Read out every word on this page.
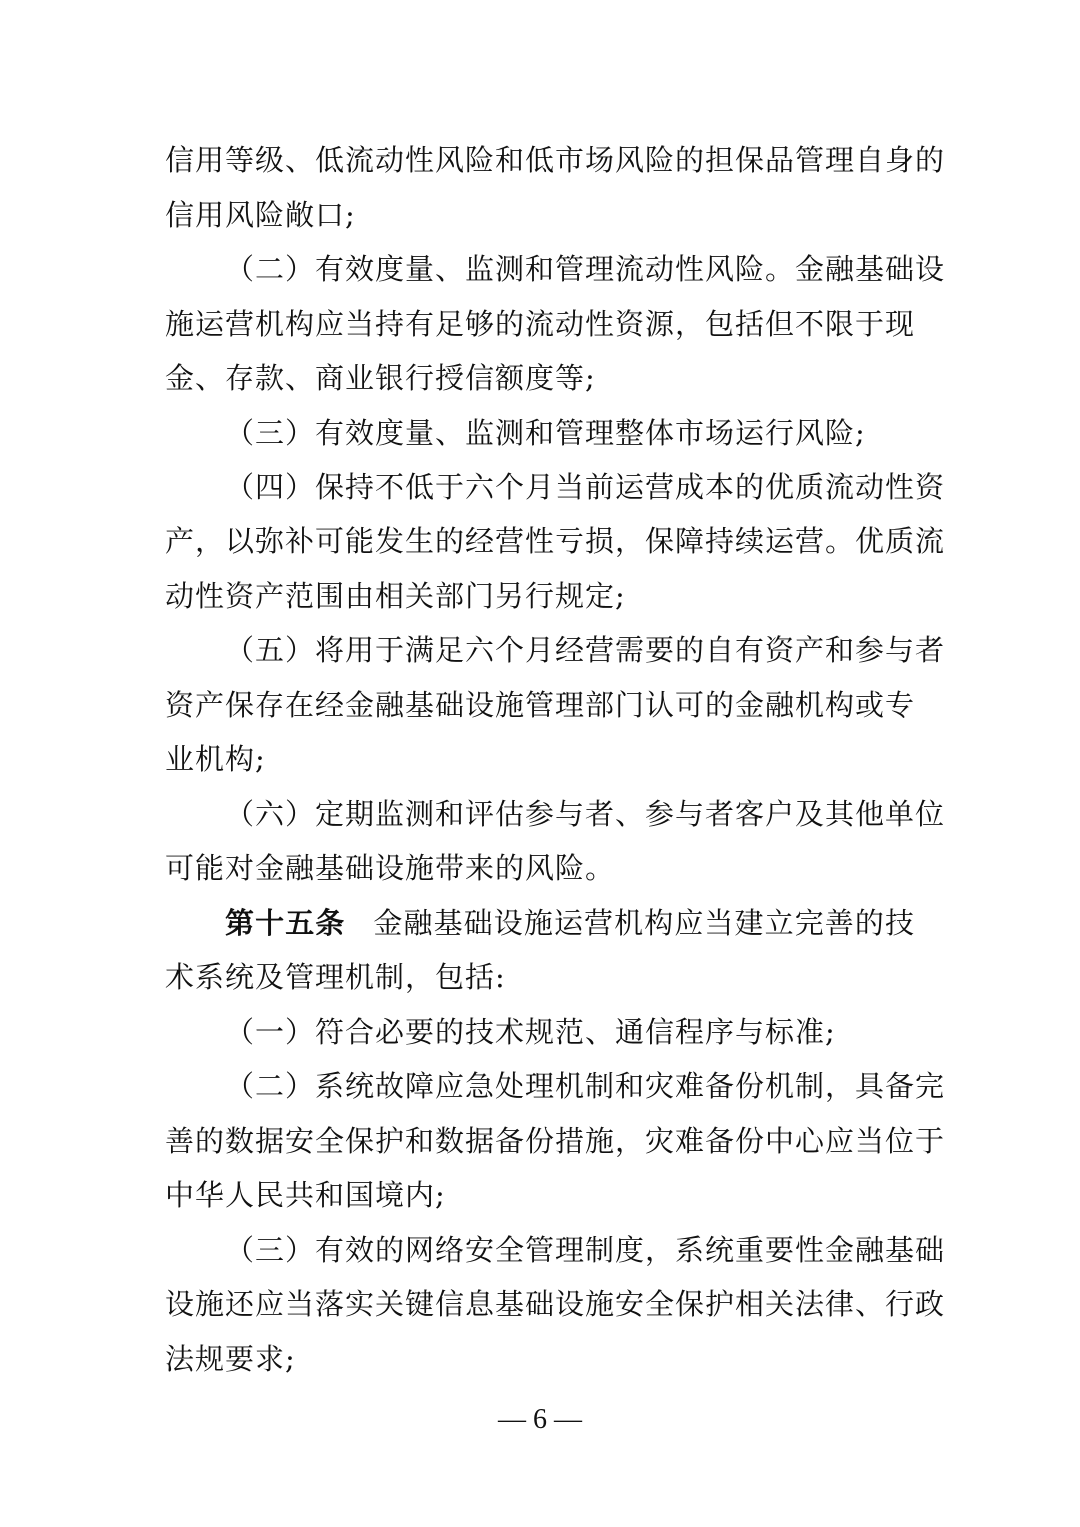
信用等级、低流动性风险和低市场风险的担保品管理自身的
信用风险敞口;
（二）有效度量、监测和管理流动性风险。金融基础设
施运营机构应当持有足够的流动性资源，包括但不限于现
金、存款、商业银行授信额度等;
（三）有效度量、监测和管理整体市场运行风险;
（四）保持不低于六个月当前运营成本的优质流动性资
产，以弥补可能发生的经营性亏损，保障持续运营。优质流
动性资产范围由相关部门另行规定;
（五）将用于满足六个月经营需要的自有资产和参与者
资产保存在经金融基础设施管理部门认可的金融机构或专
业机构;
（六）定期监测和评估参与者、参与者客户及其他单位
可能对金融基础设施带来的风险。
第十五条 金融基础设施运营机构应当建立完善的技
术系统及管理机制，包括:
（一）符合必要的技术规范、通信程序与标准;
（二）系统故障应急处理机制和灾难备份机制，具备完
善的数据安全保护和数据备份措施，灾难备份中心应当位于
中华人民共和国境内;
（三）有效的网络安全管理制度，系统重要性金融基础
设施还应当落实关键信息基础设施安全保护相关法律、行政
法规要求;
— 6 —
